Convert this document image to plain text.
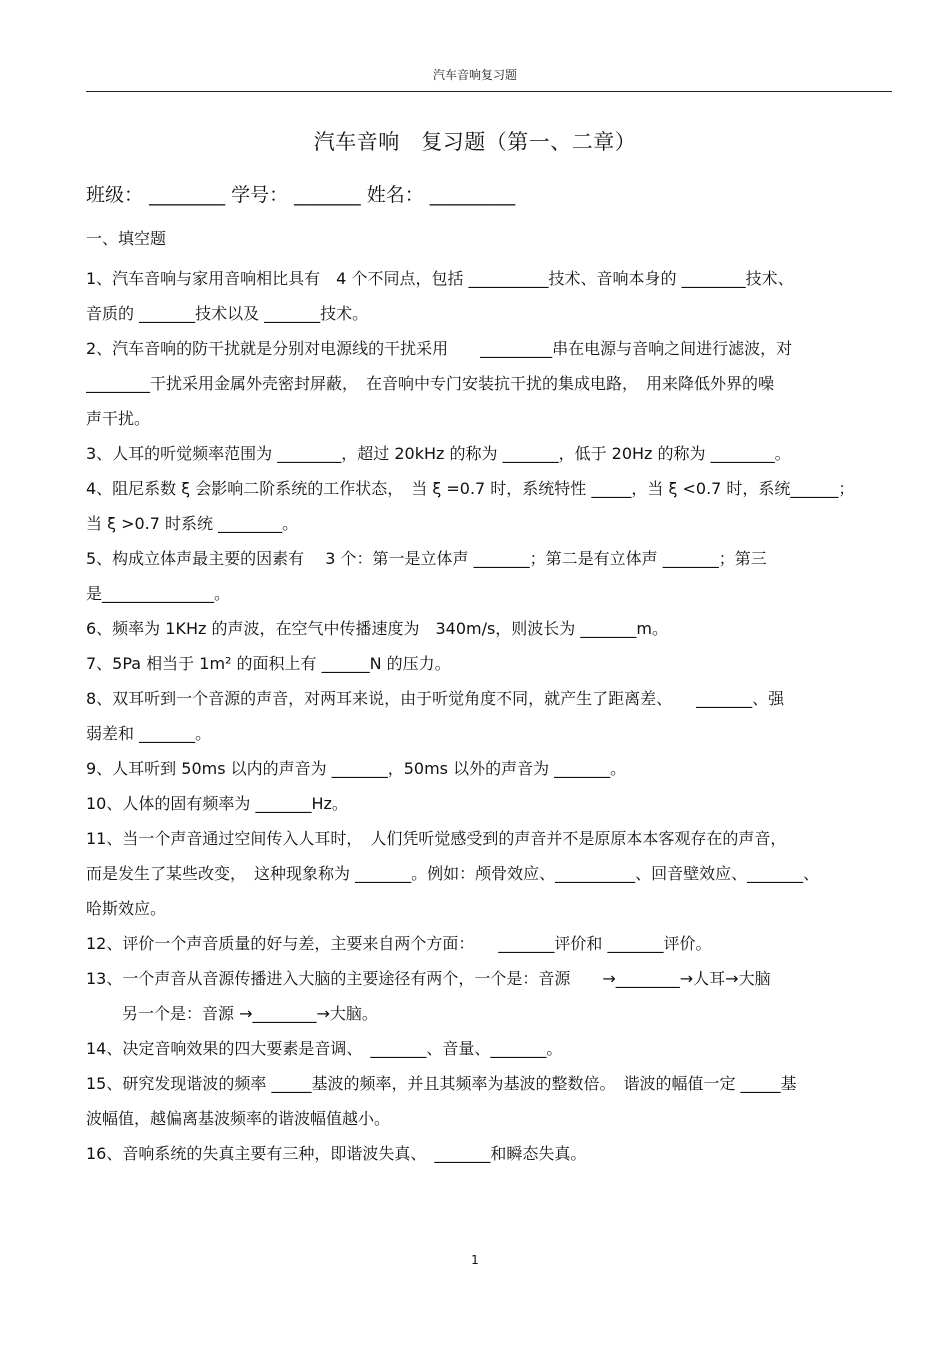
汽车音响复习题
汽车音响　复习题（第一、二章）
班级： ________ 学号： _______ 姓名： _________
一、填空题
1、汽车音响与家用音响相比具有　4 个不同点，包括 __________技术、音响本身的 ________技术、
音质的 _______技术以及 _______技术。
2、汽车音响的防干扰就是分别对电源线的干扰采用　　_________串在电源与音响之间进行滤波，对
________干扰采用金属外壳密封屏蔽，　在音响中专门安装抗干扰的集成电路，　用来降低外界的噪
声干扰。
3、人耳的听觉频率范围为 ________，超过 20kHz 的称为 _______，低于 20Hz 的称为 ________。
4、阻尼系数 ξ 会影响二阶系统的工作状态，　当 ξ =0.7 时，系统特性 _____，当 ξ <0.7 时，系统______；
当 ξ >0.7 时系统 ________。
5、构成立体声最主要的因素有　 3 个：第一是立体声 _______；第二是有立体声 _______；第三
是______________。
6、频率为 1KHz 的声波，在空气中传播速度为　340m/s，则波长为 _______m。
7、5Pa 相当于 1m² 的面积上有 ______N 的压力。
8、双耳听到一个音源的声音，对两耳来说，由于听觉角度不同，就产生了距离差、　　_______、强
弱差和 _______。
9、人耳听到 50ms 以内的声音为 _______，50ms 以外的声音为 _______。
10、人体的固有频率为 _______Hz。
11、当一个声音通过空间传入人耳时，　人们凭听觉感受到的声音并不是原原本本客观存在的声音，
而是发生了某些改变，　这种现象称为 _______。例如：颅骨效应、__________、回音壁效应、_______、
哈斯效应。
12、评价一个声音质量的好与差，主要来自两个方面：　　_______评价和 _______评价。
13、一个声音从音源传播进入大脑的主要途径有两个，一个是：音源　　→________→人耳→大脑
另一个是：音源 →________→大脑。
14、决定音响效果的四大要素是音调、　_______、音量、_______。
15、研究发现谐波的频率 _____基波的频率，并且其频率为基波的整数倍。　谐波的幅值一定 _____基
波幅值，越偏离基波频率的谐波幅值越小。
16、音响系统的失真主要有三种，即谐波失真、　_______和瞬态失真。
1
